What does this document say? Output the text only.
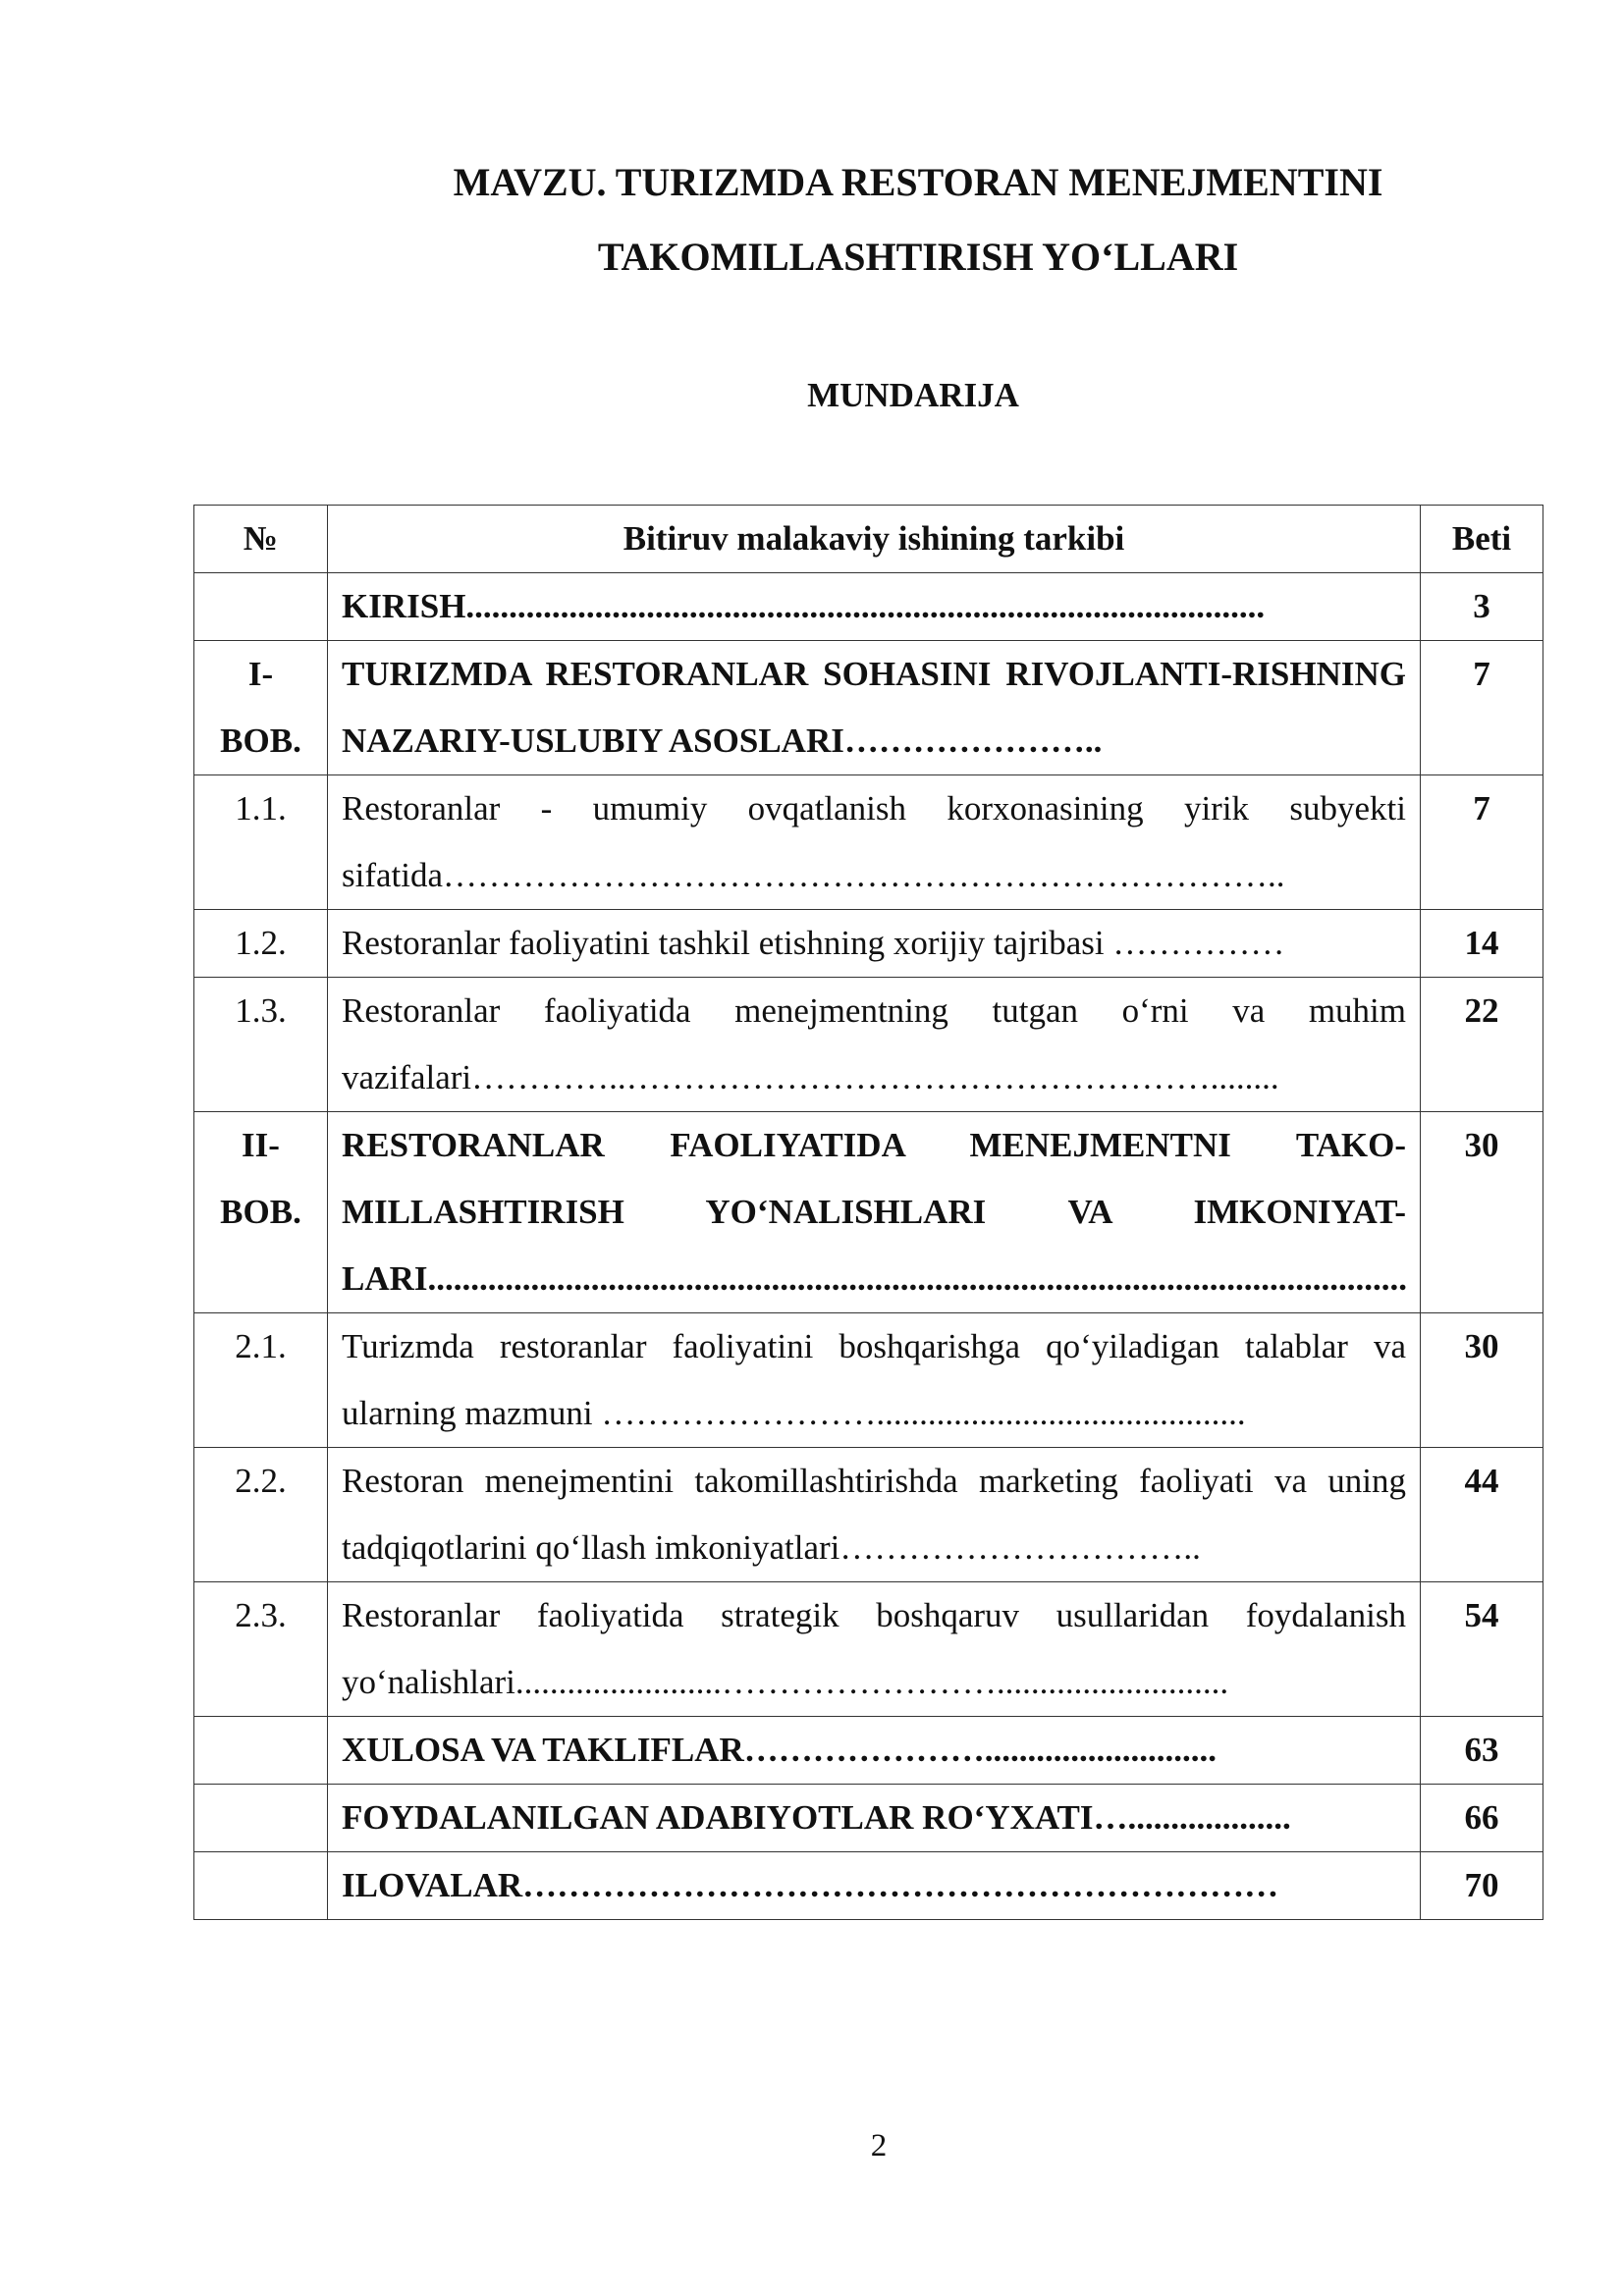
MAVZU. TURIZMDA RESTORAN MENEJMENTINI
TAKOMILLASHTIRISH YO‘LLARI
MUNDARIJA
№	Bitiruv malakaviy ishining tarkibi	Beti
	KIRISH.............................................................................................	3
I-BOB.	TURIZMDA RESTORANLAR SOHASINI RIVOJLANTI-RISHNING NAZARIY-USLUBIY ASOSLARI…………………..	7
1.1.	Restoranlar - umumiy ovqatlanish korxonasining yirik subyekti sifatida………………………………………………………………..	7
1.2.	Restoranlar faoliyatini tashkil etishning xorijiy tajribasi ……………	14
1.3.	Restoranlar faoliyatida menejmentning tutgan o‘rni va muhim vazifalari…………..……………………………………………........	22
II-BOB.	RESTORANLAR FAOLIYATIDA MENEJMENTNI TAKO-MILLASHTIRISH YO‘NALISHLARI VA IMKONIYAT-LARI..................................................................................................................	30
2.1.	Turizmda restoranlar faoliyatini boshqarishga qo‘yiladigan talablar va ularning mazmuni ……………………...........................................	30
2.2.	Restoran menejmentini takomillashtirishda marketing faoliyati va uning tadqiqotlarini qo‘llash imkoniyatlari…………………………..	44
2.3.	Restoranlar faoliyatida strategik boshqaruv usullaridan foydalanish yo‘nalishlari........................……………………...........................	54
	XULOSA VA TAKLIFLAR…………………...........................	63
	FOYDALANILGAN ADABIYOTLAR RO‘YXATI…...................	66
	ILOVALAR…………………………………………………………	70

2
